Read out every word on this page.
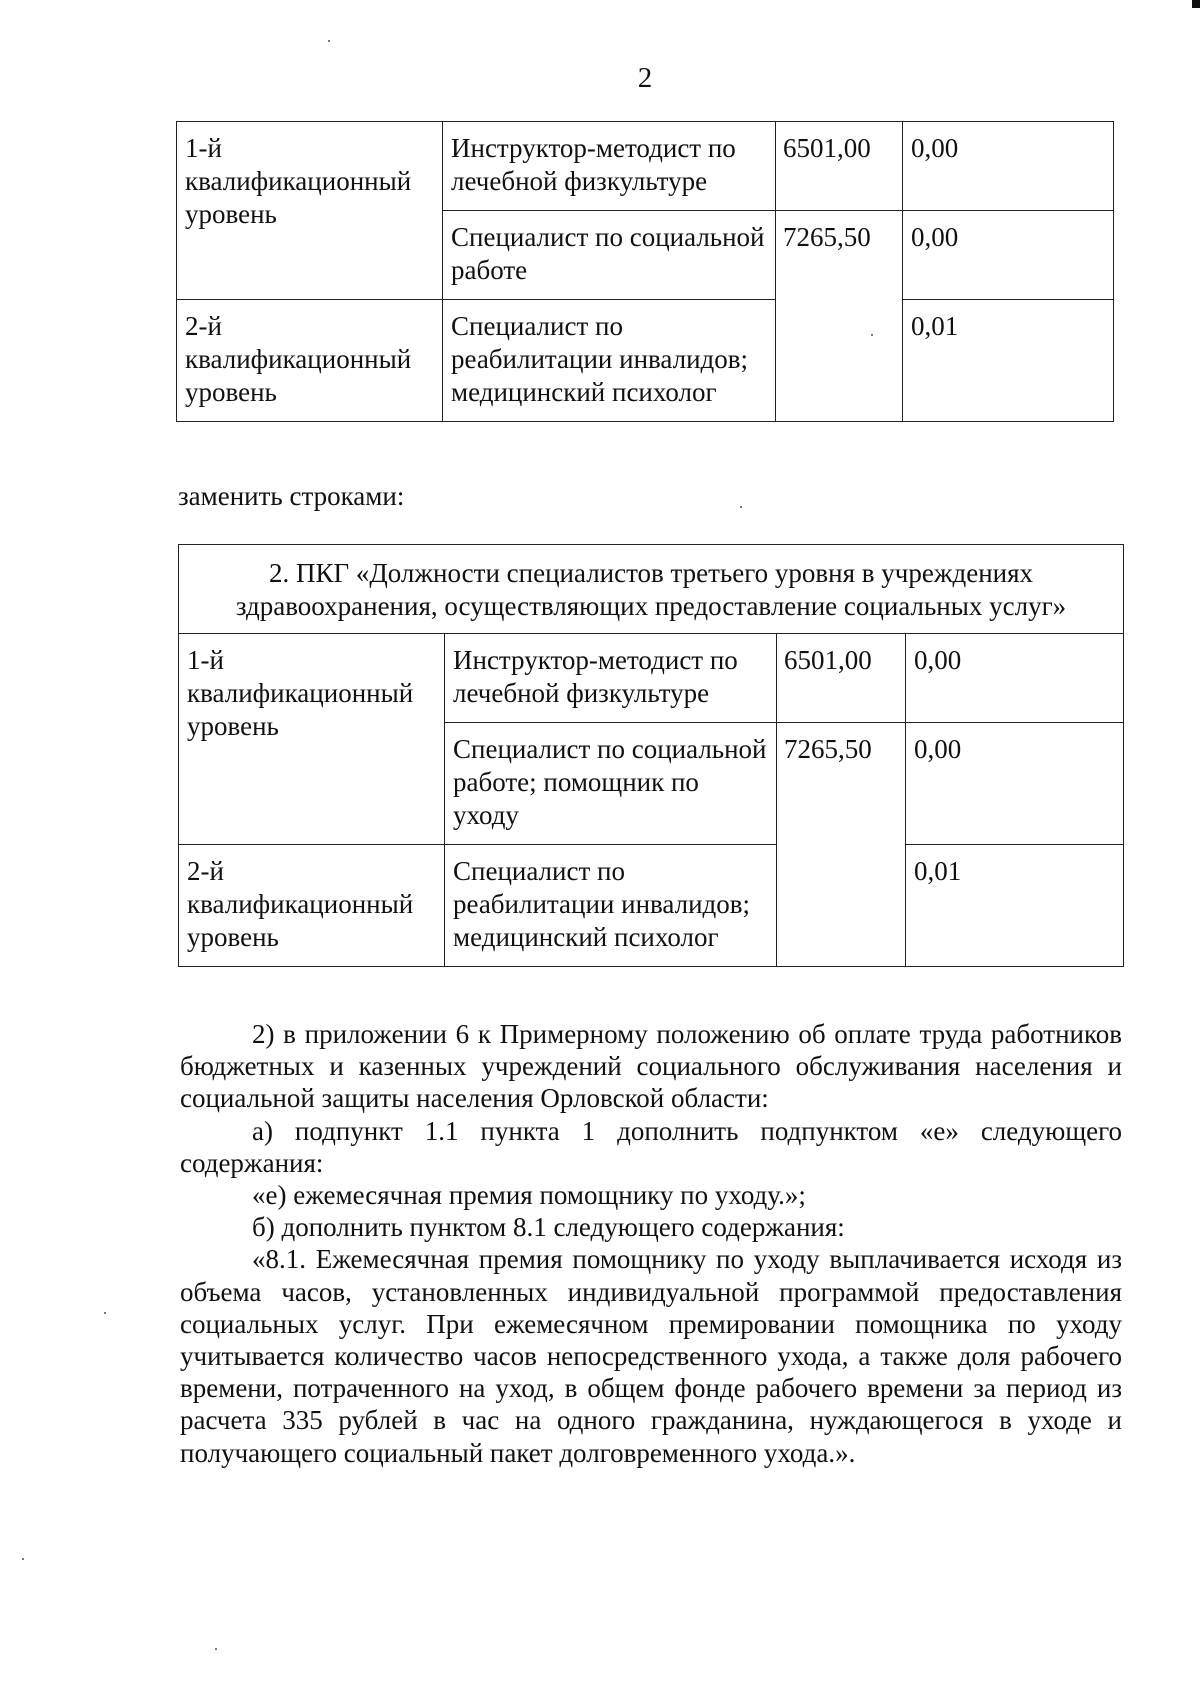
2
1-й квалификационный уровень	Инструктор-методист по лечебной физкультуре	6501,00	0,00
	Специалист по социальной работе	7265,50	0,00
2-й квалификационный уровень	Специалист по реабилитации инвалидов; медицинский психолог		0,01
заменить строками:
2. ПКГ «Должности специалистов третьего уровня в учреждениях здравоохранения, осуществляющих предоставление социальных услуг»			
1-й квалификационный уровень	Инструктор-методист по лечебной физкультуре	6501,00	0,00
	Специалист по социальной работе; помощник по уходу	7265,50	0,00
2-й квалификационный уровень	Специалист по реабилитации инвалидов; медицинский психолог		0,01

2) в приложении 6 к Примерному положению об оплате труда работников бюджетных и казенных учреждений социального обслуживания населения и социальной защиты населения Орловской области:

а) подпункт 1.1 пункта 1 дополнить подпунктом «е» следующего содержания:

«е) ежемесячная премия помощнику по уходу.»;

б) дополнить пунктом 8.1 следующего содержания:

«8.1. Ежемесячная премия помощнику по уходу выплачивается исходя из объема часов, установленных индивидуальной программой предоставления социальных услуг. При ежемесячном премировании помощника по уходу учитывается количество часов непосредственного ухода, а также доля рабочего времени, потраченного на уход, в общем фонде рабочего времени за период из расчета 335 рублей в час на одного гражданина, нуждающегося в уходе и получающего социальный пакет долговременного ухода.».
